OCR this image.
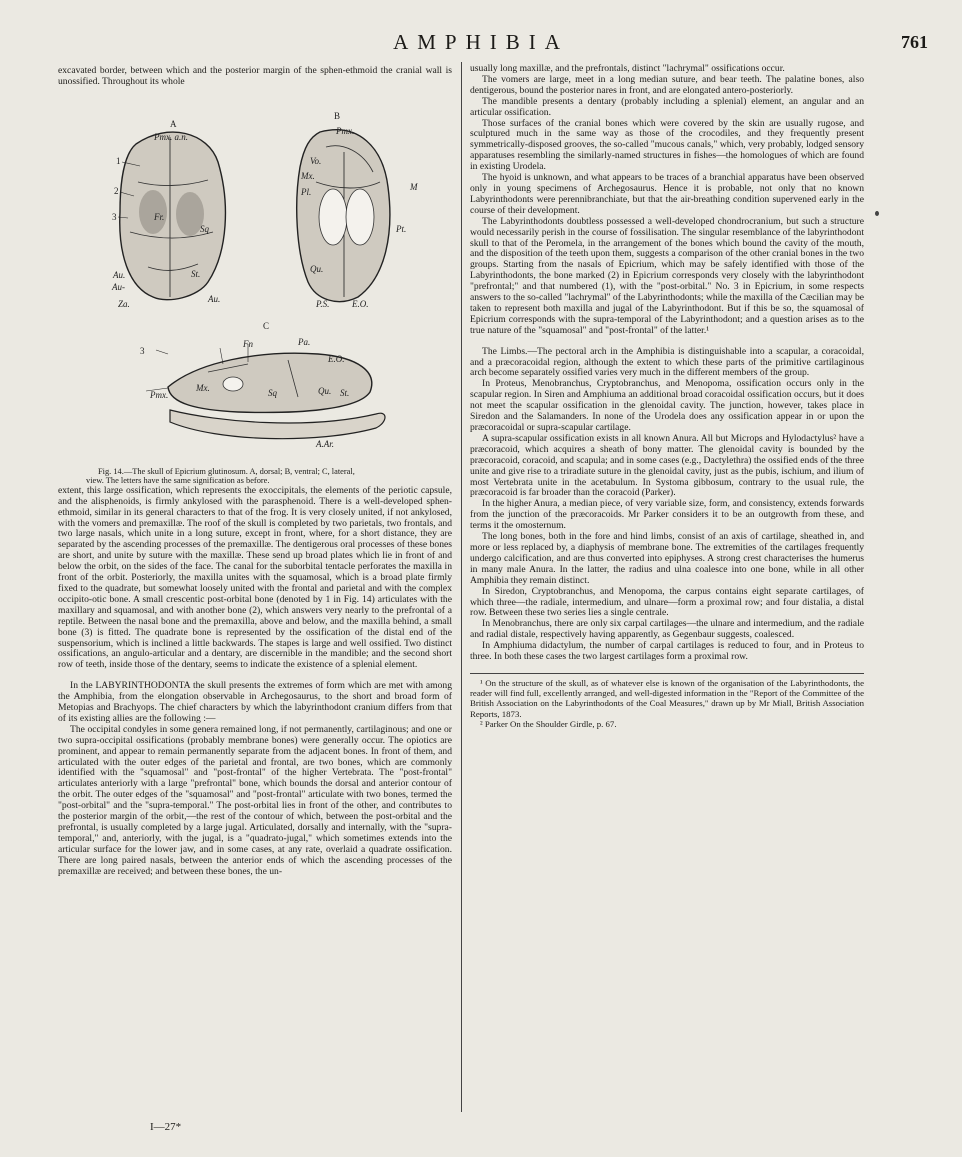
AMPHIBIA	761

excavated border, between which and the posterior margin of the sphen-ethmoid the cranial wall is unossified. Throughout its whole

A
Pmx. a.n.
B
Pmx.
Vo.
M
Mx.
Pl.
Pt.
Fr.
Sq
Qu.
St.
Au.
Au-
Za.	Au.	P.S.	E.O.
1
2
3
C
Fn	Pa.
E.O.
Mx.
Pmx.	Sq	Qu. St.
A.Ar.
3

Fig. 14.—The skull of Epicrium glutinosum. A, dorsal; B, ventral; C, lateral,
view. The letters have the same signification as before.

extent, this large ossification, which represents the exoccipitals, the elements of the periotic capsule, and the alisphenoids, is firmly ankylosed with the parasphenoid. There is a well-developed sphen-ethmoid, similar in its general characters to that of the frog. It is very closely united, if not ankylosed, with the vomers and premaxillæ. The roof of the skull is completed by two parietals, two frontals, and two large nasals, which unite in a long suture, except in front, where, for a short distance, they are separated by the ascending processes of the premaxillæ. The dentigerous oral processes of these bones are short, and unite by suture with the maxillæ. These send up broad plates which lie in front of and below the orbit, on the sides of the face. The canal for the suborbital tentacle perforates the maxilla in front of the orbit. Posteriorly, the maxilla unites with the squamosal, which is a broad plate firmly fixed to the quadrate, but somewhat loosely united with the frontal and parietal and with the complex occipito-otic bone. A small crescentic post-orbital bone (denoted by 1 in Fig. 14) articulates with the maxillary and squamosal, and with another bone (2), which answers very nearly to the prefrontal of a reptile. Between the nasal bone and the premaxilla, above and below, and the maxilla behind, a small bone (3) is fitted. The quadrate bone is represented by the ossification of the distal end of the suspensorium, which is inclined a little backwards. The stapes is large and well ossified. Two distinct ossifications, an angulo-articular and a dentary, are discernible in the mandible; and the second short row of teeth, inside those of the dentary, seems to indicate the existence of a splenial element.

In the LABYRINTHODONTA the skull presents the extremes of form which are met with among the Amphibia, from the elongation observable in Archegosaurus, to the short and broad form of Metopias and Brachyops. The chief characters by which the labyrinthodont cranium differs from that of its existing allies are the following :—

The occipital condyles in some genera remained long, if not permanently, cartilaginous; and one or two supra-occipital ossifications (probably membrane bones) were generally occur. The opiotics are prominent, and appear to remain permanently separate from the adjacent bones. In front of them, and articulated with the outer edges of the parietal and frontal, are two bones, which are commonly identified with the "squamosal" and "post-frontal" of the higher Vertebrata. The "post-frontal" articulates anteriorly with a large "prefrontal" bone, which bounds the dorsal and anterior contour of the orbit. The outer edges of the "squamosal" and "post-frontal" articulate with two bones, termed the "post-orbital" and the "supra-temporal." The post-orbital lies in front of the other, and contributes to the posterior margin of the orbit,—the rest of the contour of which, between the post-orbital and the prefrontal, is usually completed by a large jugal. Articulated, dorsally and internally, with the "supra-temporal," and, anteriorly, with the jugal, is a "quadrato-jugal," which sometimes extends into the articular surface for the lower jaw, and in some cases, at any rate, overlaid a quadrate ossification. There are long paired nasals, between the anterior ends of which the ascending processes of the premaxillæ are received; and between these bones, the un-

usually long maxillæ, and the prefrontals, distinct "lachrymal" ossifications occur.

The vomers are large, meet in a long median suture, and bear teeth. The palatine bones, also dentigerous, bound the posterior nares in front, and are elongated antero-posteriorly.

The mandible presents a dentary (probably including a splenial) element, an angular and an articular ossification.

Those surfaces of the cranial bones which were covered by the skin are usually rugose, and sculptured much in the same way as those of the crocodiles, and they frequently present symmetrically-disposed grooves, the so-called "mucous canals," which, very probably, lodged sensory apparatuses resembling the similarly-named structures in fishes—the homologues of which are found in existing Urodela.

The hyoid is unknown, and what appears to be traces of a branchial apparatus have been observed only in young specimens of Archegosaurus. Hence it is probable, not only that no known Labyrinthodonts were perennibranchiate, but that the air-breathing condition supervened early in the course of their development.

The Labyrinthodonts doubtless possessed a well-developed chondrocranium, but such a structure would necessarily perish in the course of fossilisation. The singular resemblance of the labyrinthodont skull to that of the Peromela, in the arrangement of the bones which bound the cavity of the mouth, and the disposition of the teeth upon them, suggests a comparison of the other cranial bones in the two groups. Starting from the nasals of Epicrium, which may be safely identified with those of the Labyrinthodonts, the bone marked (2) in Epicrium corresponds very closely with the labyrinthodont "prefrontal;" and that numbered (1), with the "post-orbital." No. 3 in Epicrium, in some respects answers to the so-called "lachrymal" of the Labyrinthodonts; while the maxilla of the Cæcilian may be taken to represent both maxilla and jugal of the Labyrinthodont. But if this be so, the squamosal of Epicrium corresponds with the supra-temporal of the Labyrinthodont; and a question arises as to the true nature of the "squamosal" and "post-frontal" of the latter.¹

The Limbs.—The pectoral arch in the Amphibia is distinguishable into a scapular, a coracoidal, and a præcoracoidal region, although the extent to which these parts of the primitive cartilaginous arch become separately ossified varies very much in the different members of the group.

In Proteus, Menobranchus, Cryptobranchus, and Menopoma, ossification occurs only in the scapular region. In Siren and Amphiuma an additional broad coracoidal ossification occurs, but it does not meet the scapular ossification in the glenoidal cavity. The junction, however, takes place in Siredon and the Salamanders. In none of the Urodela does any ossification appear in or upon the præcoracoidal or supra-scapular cartilage.

A supra-scapular ossification exists in all known Anura. All but Microps and Hylodactylus² have a præcoracoid, which acquires a sheath of bony matter. The glenoidal cavity is bounded by the præcoracoid, coracoid, and scapula; and in some cases (e.g., Dactylethra) the ossified ends of the three unite and give rise to a triradiate suture in the glenoidal cavity, just as the pubis, ischium, and ilium of most Vertebrata unite in the acetabulum. In Systoma gibbosum, contrary to the usual rule, the præcoracoid is far broader than the coracoid (Parker).

In the higher Anura, a median piece, of very variable size, form, and consistency, extends forwards from the junction of the præcoracoids. Mr Parker considers it to be an outgrowth from these, and terms it the omosternum.

The long bones, both in the fore and hind limbs, consist of an axis of cartilage, sheathed in, and more or less replaced by, a diaphysis of membrane bone. The extremities of the cartilages frequently undergo calcification, and are thus converted into epiphyses. A strong crest characterises the humerus in many male Anura. In the latter, the radius and ulna coalesce into one bone, while in all other Amphibia they remain distinct.

In Siredon, Cryptobranchus, and Menopoma, the carpus contains eight separate cartilages, of which three—the radiale, intermedium, and ulnare—form a proximal row; and four distalia, a distal row. Between these two series lies a single centrale.

In Menobranchus, there are only six carpal cartilages—the ulnare and intermedium, and the radiale and radial distale, respectively having apparently, as Gegenbaur suggests, coalesced.

In Amphiuma didactylum, the number of carpal cartilages is reduced to four, and in Proteus to three. In both these cases the two largest cartilages form a proximal row.

¹ On the structure of the skull, as of whatever else is known of the organisation of the Labyrinthodonts, the reader will find full, excellently arranged, and well-digested information in the "Report of the Committee of the British Association on the Labyrinthodonts of the Coal Measures," drawn up by Mr Miall, British Association Reports, 1873.

² Parker On the Shoulder Girdle, p. 67.

I—27*
